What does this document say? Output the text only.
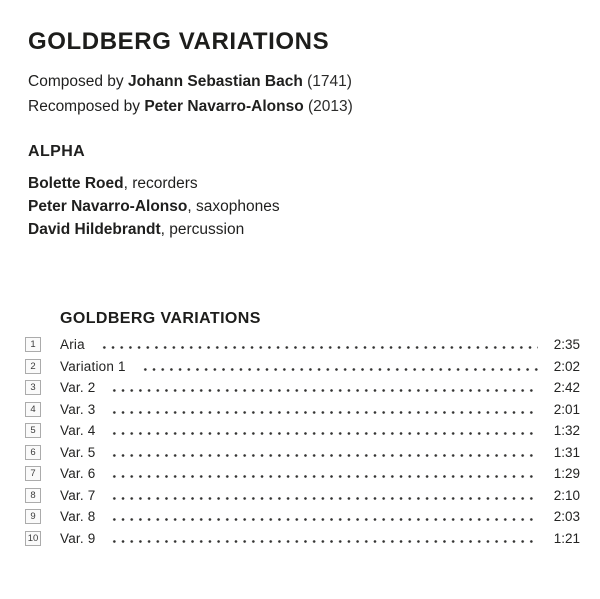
GOLDBERG VARIATIONS
Composed by Johann Sebastian Bach (1741)
Recomposed by Peter Navarro-Alonso (2013)
ALPHA
Bolette Roed, recorders
Peter Navarro-Alonso, saxophones
David Hildebrandt, percussion
GOLDBERG VARIATIONS
1	Aria	2:35
2	Variation 1	2:02
3	Var. 2	2:42
4	Var. 3	2:01
5	Var. 4	1:32
6	Var. 5	1:31
7	Var. 6	1:29
8	Var. 7	2:10
9	Var. 8	2:03
10 Var. 9	1:21
